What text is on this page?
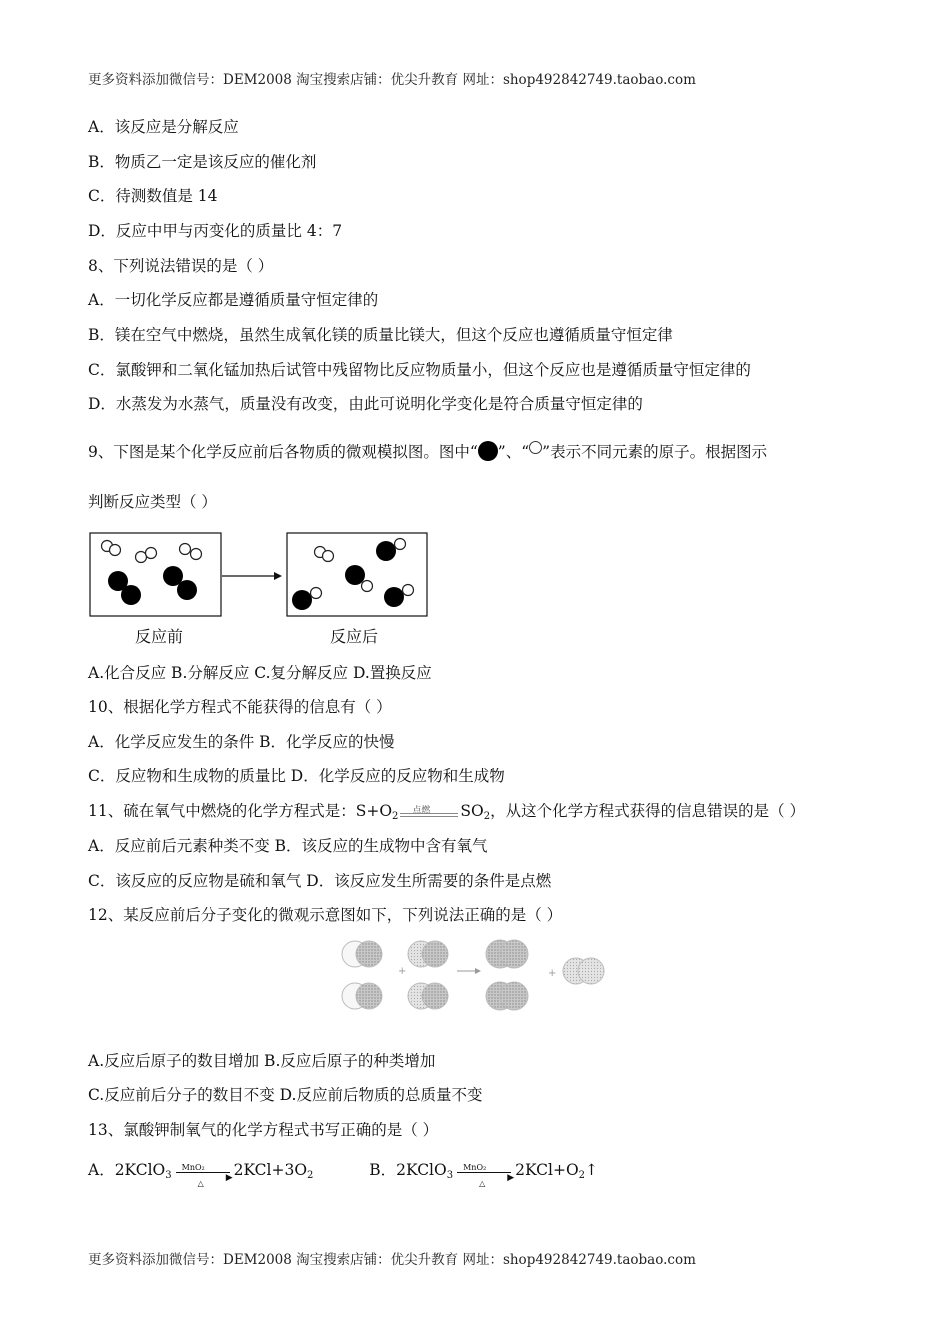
更多资料添加微信号：DEM2008 淘宝搜索店铺：优尖升教育 网址：shop492842749.taobao.com
A．该反应是分解反应
B．物质乙一定是该反应的催化剂
C．待测数值是 14
D．反应中甲与丙变化的质量比 4：7
8、下列说法错误的是（ ）
A．一切化学反应都是遵循质量守恒定律的
B．镁在空气中燃烧，虽然生成氧化镁的质量比镁大，但这个反应也遵循质量守恒定律
C．氯酸钾和二氧化锰加热后试管中残留物比反应物质量小，但这个反应也是遵循质量守恒定律的
D．水蒸发为水蒸气，质量没有改变，由此可说明化学变化是符合质量守恒定律的
9、下图是某个化学反应前后各物质的微观模拟图。图中“ ”、“ ”表示不同元素的原子。根据图示
判断反应类型（ ）
反应前	反应后
A.化合反应 B.分解反应 C.复分解反应 D.置换反应
10、根据化学方程式不能获得的信息有（ ）
A．化学反应发生的条件 B．化学反应的快慢
C．反应物和生成物的质量比 D．化学反应的反应物和生成物
11、硫在氧气中燃烧的化学方程式是：$S+O_2$ 点燃 $SO_2$，从这个化学方程式获得的信息错误的是（ ）
A．反应前后元素种类不变 B．该反应的生成物中含有氧气
C．该反应的反应物是硫和氧气 D．该反应发生所需要的条件是点燃
12、某反应前后分子变化的微观示意图如下，下列说法正确的是（ ）
+	+
A.反应后原子的数目增加 B.反应后原子的种类增加
C.反应前后分子的数目不变 D.反应前后物质的总质量不变
13、氯酸钾制氧气的化学方程式书写正确的是（ ）
A．2KClO$_3$
MnO₂
▶
△
$2KCl+3O_2$	B．2KClO$_3$
MnO₂
▶
△
$2KCl+O_2↑$
更多资料添加微信号：DEM2008 淘宝搜索店铺：优尖升教育 网址：shop492842749.taobao.com
